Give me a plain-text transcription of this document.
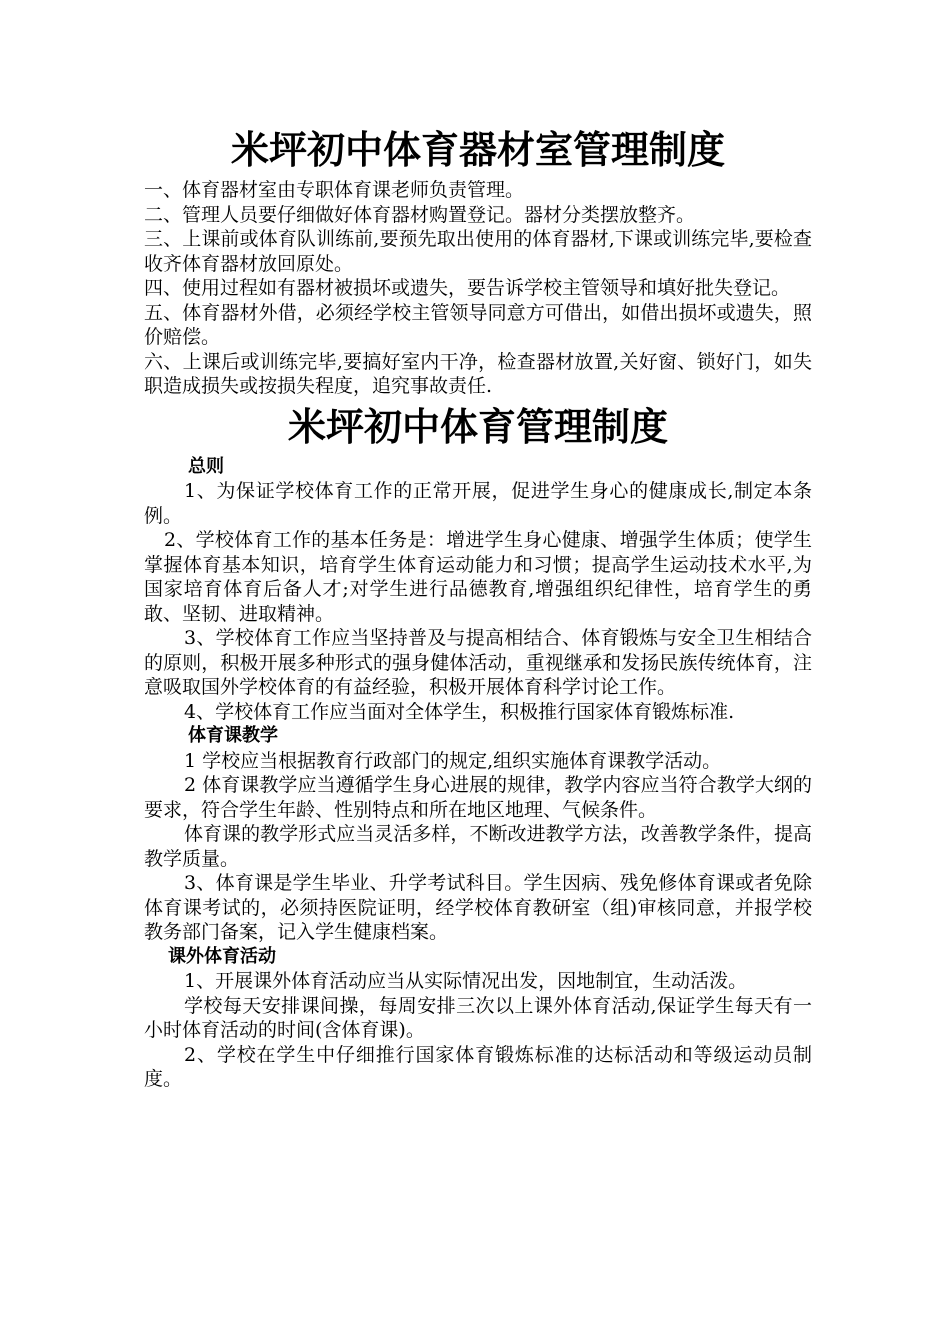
米坪初中体育器材室管理制度

一、体育器材室由专职体育课老师负责管理。

二、管理人员要仔细做好体育器材购置登记。器材分类摆放整齐。

三、上课前或体育队训练前,要预先取出使用的体育器材,下课或训练完毕,要检查收齐体育器材放回原处。

四、使用过程如有器材被损坏或遗失，要告诉学校主管领导和填好批失登记。

五、体育器材外借，必须经学校主管领导同意方可借出，如借出损坏或遗失，照价赔偿。

六、上课后或训练完毕,要搞好室内干净，检查器材放置,关好窗、锁好门，如失职造成损失或按损失程度，追究事故责任.

米坪初中体育管理制度

总则

1、为保证学校体育工作的正常开展，促进学生身心的健康成长,制定本条例。

2、学校体育工作的基本任务是：增进学生身心健康、增强学生体质；使学生掌握体育基本知识，培育学生体育运动能力和习惯；提高学生运动技术水平,为国家培育体育后备人才;对学生进行品德教育,增强组织纪律性，培育学生的勇敢、坚韧、进取精神。

3、学校体育工作应当坚持普及与提高相结合、体育锻炼与安全卫生相结合的原则，积极开展多种形式的强身健体活动，重视继承和发扬民族传统体育，注意吸取国外学校体育的有益经验，积极开展体育科学讨论工作。

4、学校体育工作应当面对全体学生，积极推行国家体育锻炼标准.

体育课教学

1 学校应当根据教育行政部门的规定,组织实施体育课教学活动。

2 体育课教学应当遵循学生身心进展的规律，教学内容应当符合教学大纲的要求，符合学生年龄、性别特点和所在地区地理、气候条件。

体育课的教学形式应当灵活多样，不断改进教学方法，改善教学条件，提高教学质量。

3、体育课是学生毕业、升学考试科目。学生因病、残免修体育课或者免除体育课考试的，必须持医院证明，经学校体育教研室（组)审核同意，并报学校教务部门备案，记入学生健康档案。

课外体育活动

1、开展课外体育活动应当从实际情况出发，因地制宜，生动活泼。

学校每天安排课间操，每周安排三次以上课外体育活动,保证学生每天有一小时体育活动的时间(含体育课)。

2、学校在学生中仔细推行国家体育锻炼标准的达标活动和等级运动员制度。
